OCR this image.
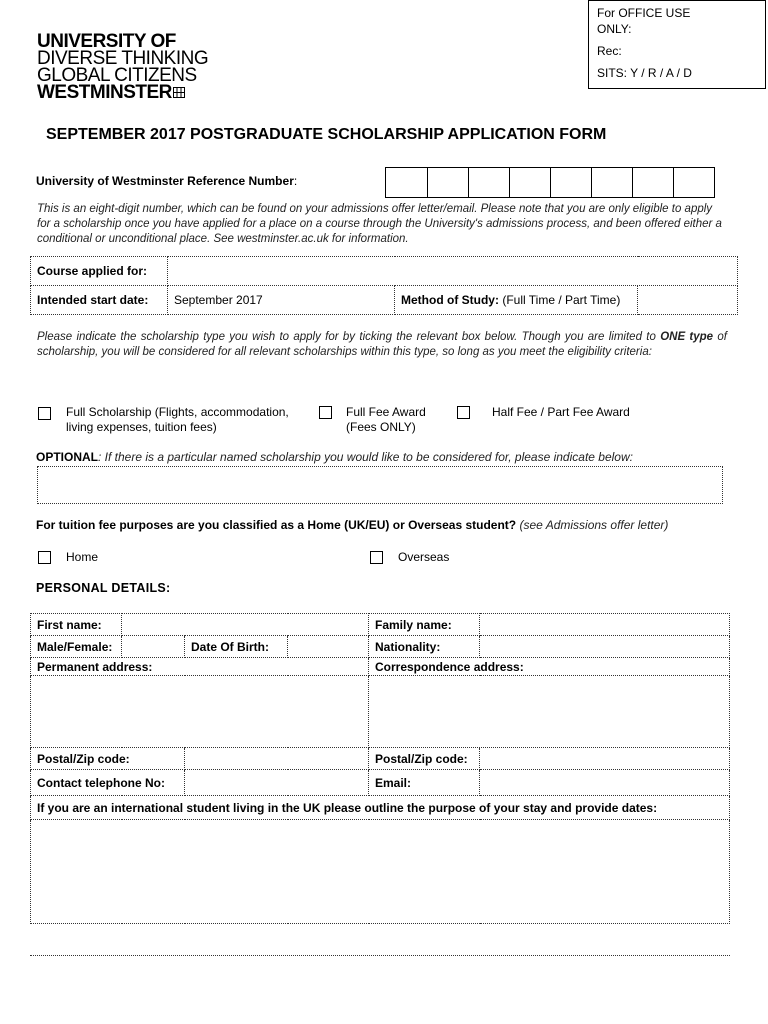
UNIVERSITY OF
DIVERSE THINKING
GLOBAL CITIZENS
WESTMINSTER
For OFFICE USE ONLY:
Rec:
SITS: Y / R / A / D
SEPTEMBER 2017 POSTGRADUATE SCHOLARSHIP APPLICATION FORM
University of Westminster Reference Number:
This is an eight-digit number, which can be found on your admissions offer letter/email. Please note that you are only eligible to apply for a scholarship once you have applied for a place on a course through the University's admissions process, and been offered either a conditional or unconditional place. See westminster.ac.uk for information.
Course applied for:			
Intended start date:	September 2017	Method of Study: (Full Time / Part Time)	
Please indicate the scholarship type you wish to apply for by ticking the relevant box below. Though you are limited to ONE type of scholarship, you will be considered for all relevant scholarships within this type, so long as you meet the eligibility criteria:
Full Scholarship (Flights, accommodation,
living expenses, tuition fees)
Full Fee Award
(Fees ONLY)
Half Fee / Part Fee Award
OPTIONAL: If there is a particular named scholarship you would like to be considered for, please indicate below:
For tuition fee purposes are you classified as a Home (UK/EU) or Overseas student? (see Admissions offer letter)
Home	Overseas
PERSONAL DETAILS:
First name:				Family name:	
Male/Female:		Date Of Birth:		Nationality:	
Permanent address:				Correspondence address:	

Postal/Zip code:				Postal/Zip code:	
Contact telephone No:				Email:	
If you are an international student living in the UK please outline the purpose of your stay and provide dates:					
